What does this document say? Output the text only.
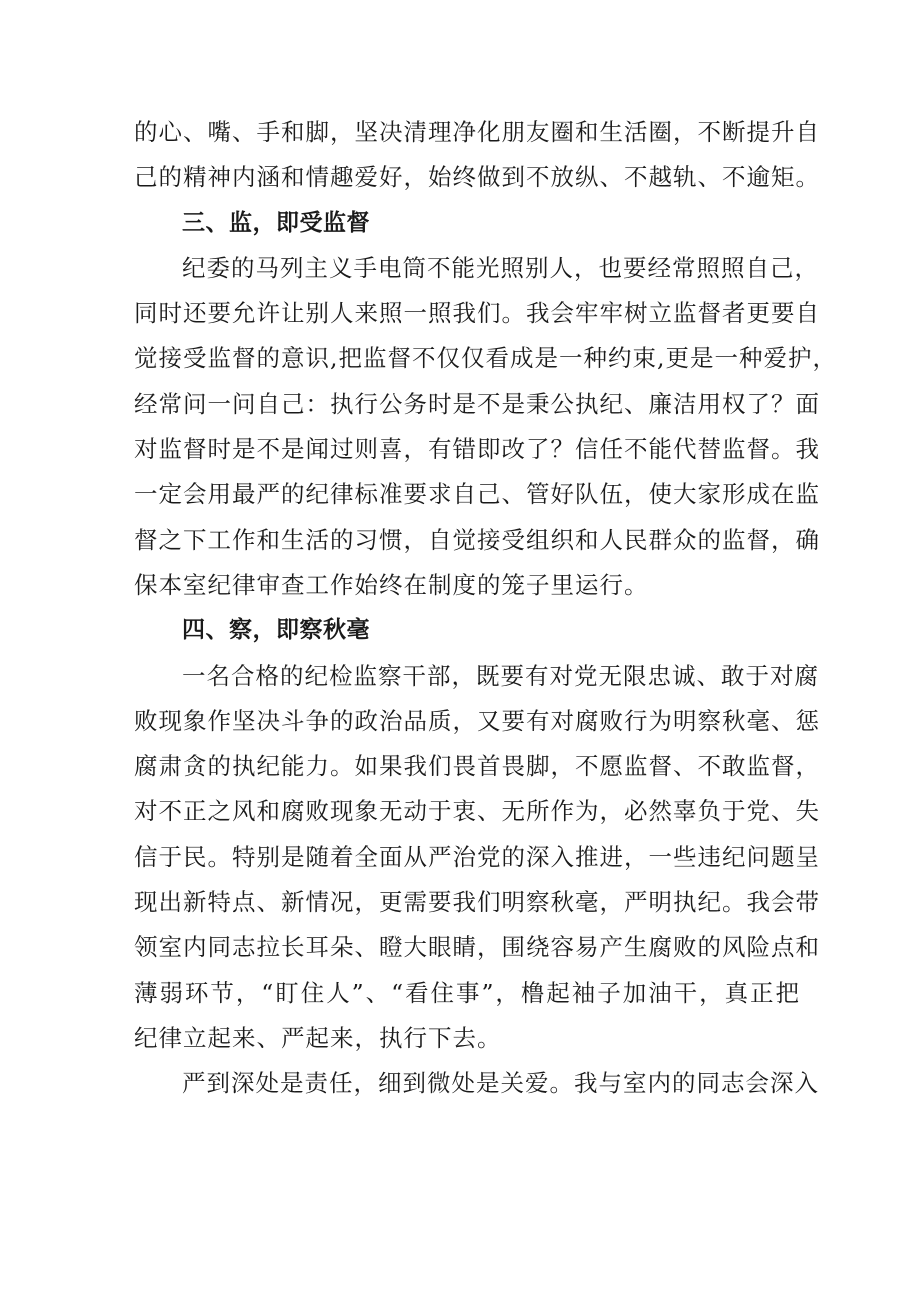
的心、嘴、手和脚，坚决清理净化朋友圈和生活圈，不断提升自
己的精神内涵和情趣爱好，始终做到不放纵、不越轨、不逾矩。
三、监，即受监督
纪委的马列主义手电筒不能光照别人，也要经常照照自己，
同时还要允许让别人来照一照我们。我会牢牢树立监督者更要自
觉接受监督的意识,把监督不仅仅看成是一种约束,更是一种爱护，
经常问一问自己：执行公务时是不是秉公执纪、廉洁用权了？面
对监督时是不是闻过则喜，有错即改了？信任不能代替监督。我
一定会用最严的纪律标准要求自己、管好队伍，使大家形成在监
督之下工作和生活的习惯，自觉接受组织和人民群众的监督，确
保本室纪律审查工作始终在制度的笼子里运行。
四、察，即察秋毫
一名合格的纪检监察干部，既要有对党无限忠诚、敢于对腐
败现象作坚决斗争的政治品质，又要有对腐败行为明察秋毫、惩
腐肃贪的执纪能力。如果我们畏首畏脚，不愿监督、不敢监督，
对不正之风和腐败现象无动于衷、无所作为，必然辜负于党、失
信于民。特别是随着全面从严治党的深入推进，一些违纪问题呈
现出新特点、新情况，更需要我们明察秋毫，严明执纪。我会带
领室内同志拉长耳朵、瞪大眼睛，围绕容易产生腐败的风险点和
薄弱环节，“盯住人”、“看住事”，橹起袖子加油干，真正把
纪律立起来、严起来，执行下去。
严到深处是责任，细到微处是关爱。我与室内的同志会深入
